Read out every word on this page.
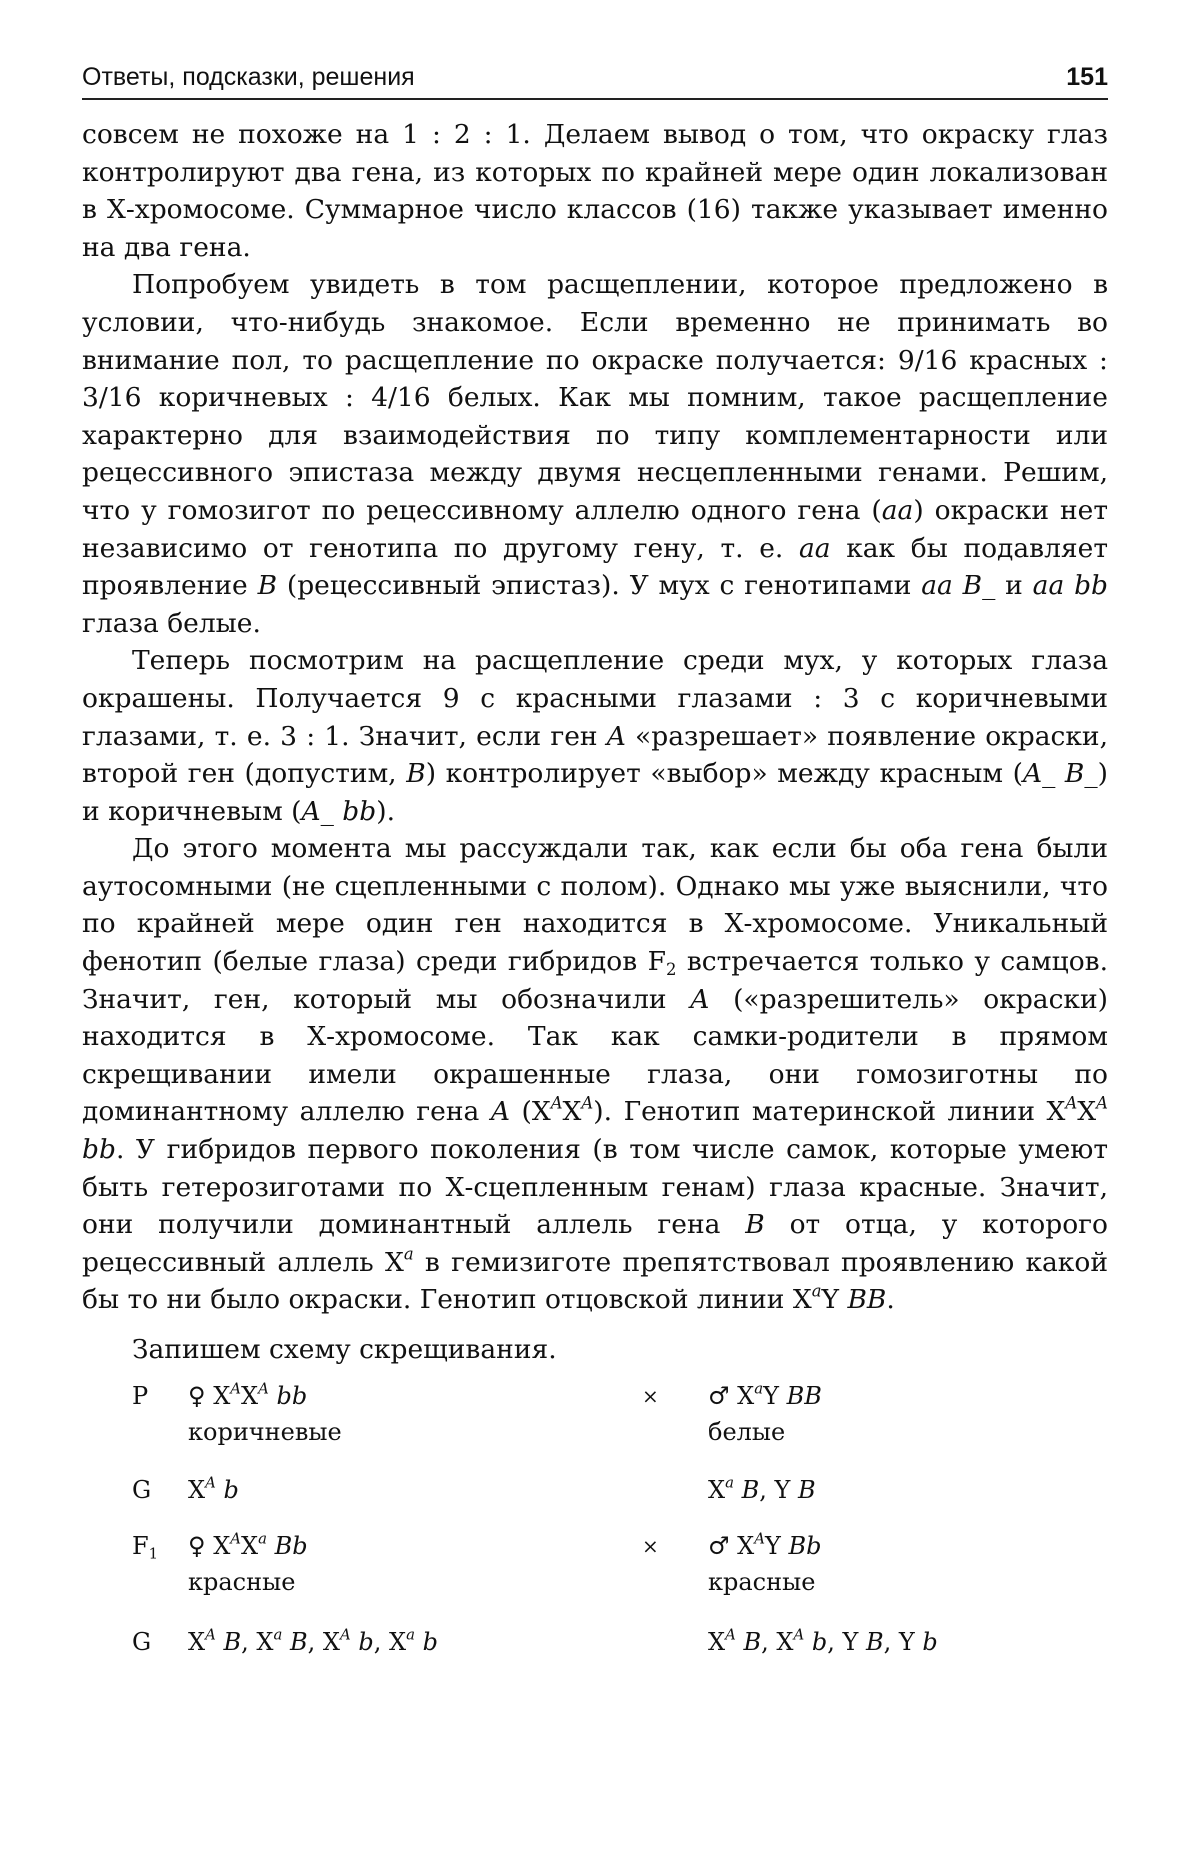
Ответы, подсказки, решения	151

совсем не похоже на 1 : 2 : 1. Делаем вывод о том, что окраску глаз контролируют два гена, из которых по крайней мере один локализован в Х-хромосоме. Суммарное число классов (16) также указывает именно на два гена.

Попробуем увидеть в том расщеплении, которое предложено в условии, что-нибудь знакомое. Если временно не принимать во внимание пол, то расщепление по окраске получается: 9/16 красных : 3/16 коричневых : 4/16 белых. Как мы помним, такое расщепление характерно для взаимодействия по типу комплементарности или рецессивного эпистаза между двумя несцепленными генами. Решим, что у гомозигот по рецессивному аллелю одного гена (aa) окраски нет независимо от генотипа по другому гену, т. е. aa как бы подавляет проявление B (рецессивный эпистаз). У мух с генотипами aa B_ и aa bb глаза белые.

Теперь посмотрим на расщепление среди мух, у которых глаза окрашены. Получается 9 с красными глазами : 3 с коричневыми глазами, т. е. 3 : 1. Значит, если ген A «разрешает» появление окраски, второй ген (допустим, B) контролирует «выбор» между красным (A_ B_) и коричневым (A_ bb).

До этого момента мы рассуждали так, как если бы оба гена были аутосомными (не сцепленными с полом). Однако мы уже выяснили, что по крайней мере один ген находится в Х-хромосоме. Уникальный фенотип (белые глаза) среди гибридов $F_2$ встречается только у самцов. Значит, ген, который мы обозначили A («разрешитель» окраски) находится в Х-хромосоме. Так как самки-родители в прямом скрещивании имели окрашенные глаза, они гомозиготны по доминантному аллелю гена A $(X^AX^A)$. Генотип материнской линии $X^AX^A$ bb. У гибридов первого поколения (в том числе самок, которые умеют быть гетерозиготами по Х-сцепленным генам) глаза красные. Значит, они получили доминантный аллель гена B от отца, у которого рецессивный аллель $X^a$ в гемизиготе препятствовал проявлению какой бы то ни было окраски. Генотип отцовской линии $X^aY$ BB.

Запишем схему скрещивания.

P ♀ $X^AX^A$ bb	× ♂ $X^aY$ BB
коричневые	белые
G $X^A$ b	$X^a$ B, Y B
$F_1$ ♀ $X^AX^a$ Bb	× ♂ $X^AY$ Bb
красные	красные
G $X^A$ B, $X^a$ B, $X^A$ b, $X^a$ b	$X^A$ B, $X^A$ b, Y B, Y b
